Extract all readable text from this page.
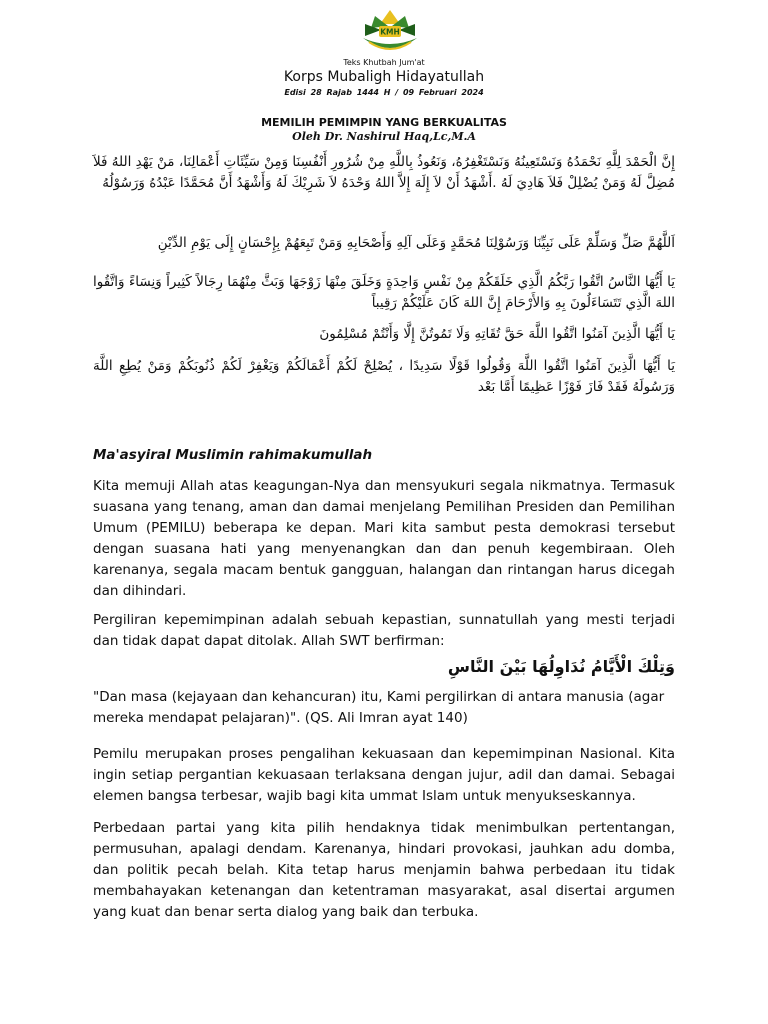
KMH
Teks Khutbah Jum'at
Korps Mubaligh Hidayatullah
Edisi 28 Rajab 1444 H / 09 Februari 2024
MEMILIH PEMIMPIN YANG BERKUALITAS
Oleh Dr. Nashirul Haq,Lc,M.A
إِنَّ الْحَمْدَ لِلَّهِ نَحْمَدُهُ وَنَسْتَعِينُهُ وَنَسْتَغْفِرُهُ، وَنَعُوذُ بِاللَّهِ مِنْ شُرُورِ أَنْفُسِنَا وَمِنْ سَيِّئَاتِ أَعْمَالِنَا، مَنْ يَهْدِ اللهُ فَلاَ مُضِلَّ لَهُ وَمَنْ يُضْلِلْ فَلاَ هَادِيَ لَهُ .أَشْهَدُ أَنْ لاَ إِلَهَ إِلاَّ اللهُ وَحْدَهُ لاَ شَرِيْكَ لَهُ وَأَشْهَدُ أَنَّ مُحَمَّدًا عَبْدُهُ وَرَسُوْلُهُ
اَللَّهُمَّ صَلِّ وَسَلِّمْ عَلَى نَبِيِّنَا وَرَسُوْلِنَا مُحَمَّدٍ وَعَلَى آلِهِ وَأَصْحَابِهِ وَمَنْ تَبِعَهُمْ بِإِحْسَانٍ إِلَى يَوْمِ الدِّيْنِ
يَا أَيُّهَا النَّاسُ اتَّقُوا رَبَّكُمُ الَّذِي خَلَقَكُمْ مِنْ نَفْسٍ وَاحِدَةٍ وَخَلَقَ مِنْهَا زَوْجَهَا وَبَثَّ مِنْهُمَا رِجَالاً كَثِيراً وَنِسَاءً وَاتَّقُوا اللهَ الَّذِي تَتَسَاءَلُونَ بِهِ وَالأَرْحَامَ إِنَّ اللهَ كَانَ عَلَيْكُمْ رَقِيباً
يَا أَيُّهَا الَّذِينَ آمَنُوا اتَّقُوا اللَّهَ حَقَّ تُقَاتِهِ وَلَا تَمُوتُنَّ إِلَّا وَأَنْتُمْ مُسْلِمُونَ
يَا أَيُّهَا الَّذِينَ آمَنُوا اتَّقُوا اللَّهَ وَقُولُوا قَوْلًا سَدِيدًا ، يُصْلِحْ لَكُمْ أَعْمَالَكُمْ وَيَغْفِرْ لَكُمْ ذُنُوبَكُمْ وَمَنْ يُطِعِ اللَّهَ وَرَسُولَهُ فَقَدْ فَازَ فَوْزًا عَظِيمًا أَمَّا بَعْد
Ma'asyiral Muslimin rahimakumullah

Kita memuji Allah atas keagungan-Nya dan mensyukuri segala nikmatnya. Termasuk suasana yang tenang, aman dan damai menjelang Pemilihan Presiden dan Pemilihan Umum (PEMILU) beberapa ke depan. Mari kita sambut pesta demokrasi tersebut dengan suasana hati yang menyenangkan dan dan penuh kegembiraan. Oleh karenanya, segala macam bentuk gangguan, halangan dan rintangan harus dicegah dan dihindari.

Pergiliran kepemimpinan adalah sebuah kepastian, sunnatullah yang mesti terjadi dan tidak dapat dapat ditolak. Allah SWT berfirman:

وَتِلْكَ الْأَيَّامُ نُدَاوِلُهَا بَيْنَ النَّاسِ

"Dan masa (kejayaan dan kehancuran) itu, Kami pergilirkan di antara manusia (agar mereka mendapat pelajaran)". (QS. Ali Imran ayat 140)

Pemilu merupakan proses pengalihan kekuasaan dan kepemimpinan Nasional. Kita ingin setiap pergantian kekuasaan terlaksana dengan jujur, adil dan damai. Sebagai elemen bangsa terbesar, wajib bagi kita ummat Islam untuk menyukseskannya.

Perbedaan partai yang kita pilih hendaknya tidak menimbulkan pertentangan, permusuhan, apalagi dendam. Karenanya, hindari provokasi, jauhkan adu domba, dan politik pecah belah. Kita tetap harus menjamin bahwa perbedaan itu tidak membahayakan ketenangan dan ketentraman masyarakat, asal disertai argumen yang kuat dan benar serta dialog yang baik dan terbuka.
